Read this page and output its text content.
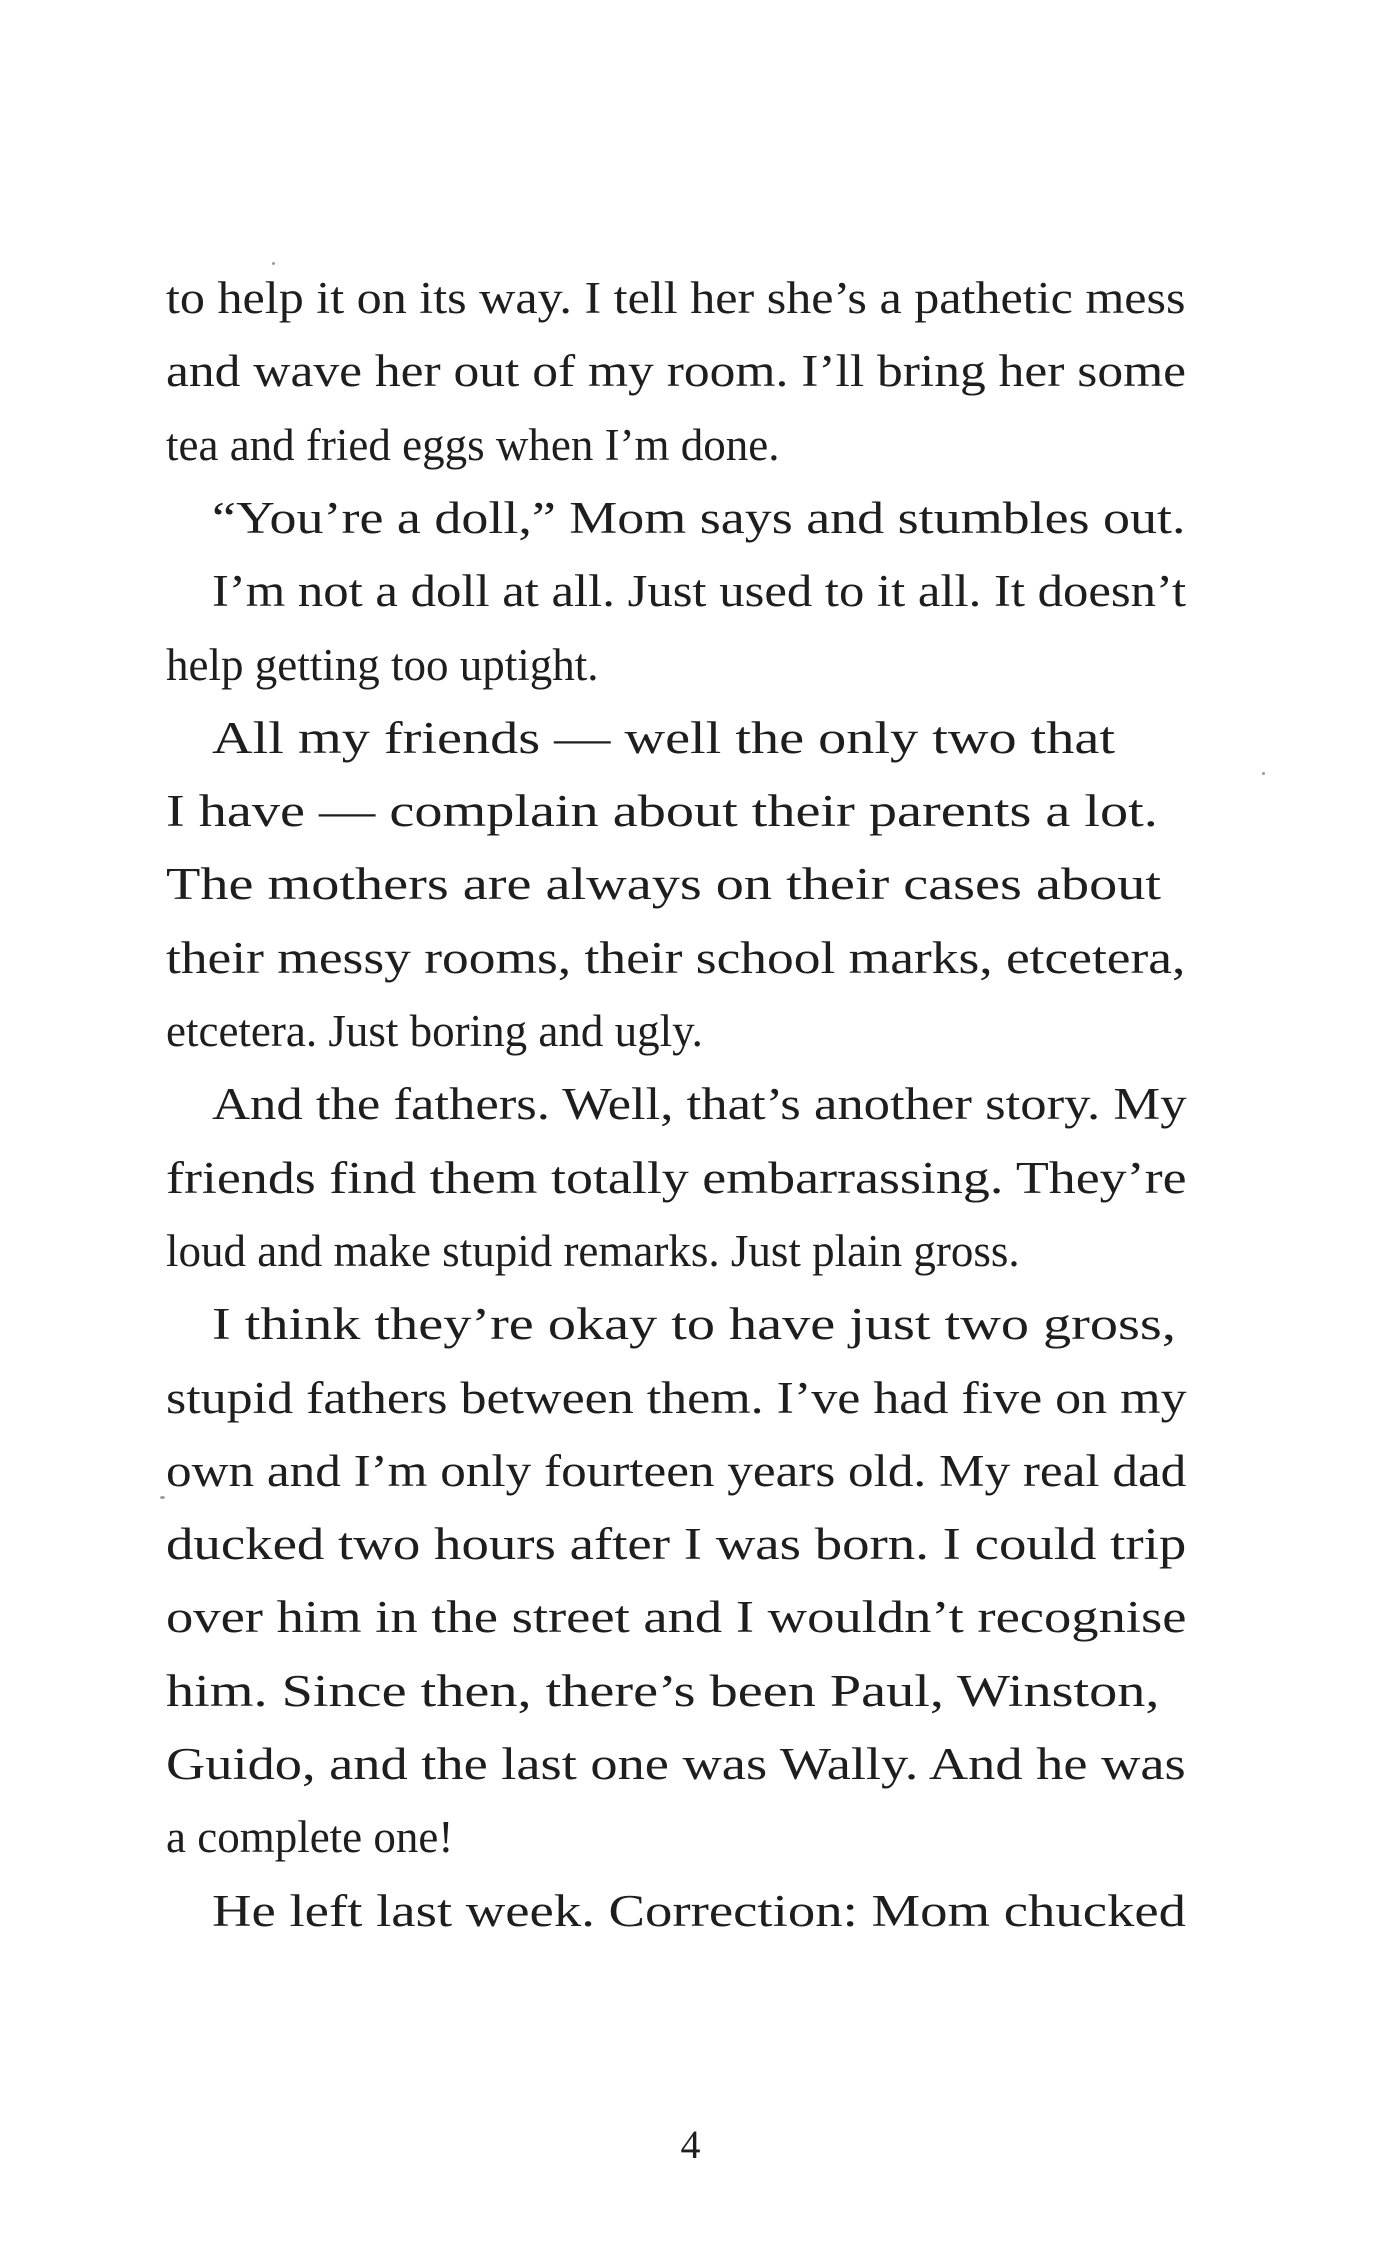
to help it on its way. I tell her she’s a pathetic mess
and wave her out of my room. I’ll bring her some
tea and fried eggs when I’m done.
“You’re a doll,” Mom says and stumbles out.
I’m not a doll at all. Just used to it all. It doesn’t
help getting too uptight.
All my friends — well the only two that
I have — complain about their parents a lot.
The mothers are always on their cases about
their messy rooms, their school marks, etcetera,
etcetera. Just boring and ugly.
And the fathers. Well, that’s another story. My
friends find them totally embarrassing. They’re
loud and make stupid remarks. Just plain gross.
I think they’re okay to have just two gross,
stupid fathers between them. I’ve had five on my
own and I’m only fourteen years old. My real dad
ducked two hours after I was born. I could trip
over him in the street and I wouldn’t recognise
him. Since then, there’s been Paul, Winston,
Guido, and the last one was Wally. And he was
a complete one!
He left last week. Correction: Mom chucked
4
